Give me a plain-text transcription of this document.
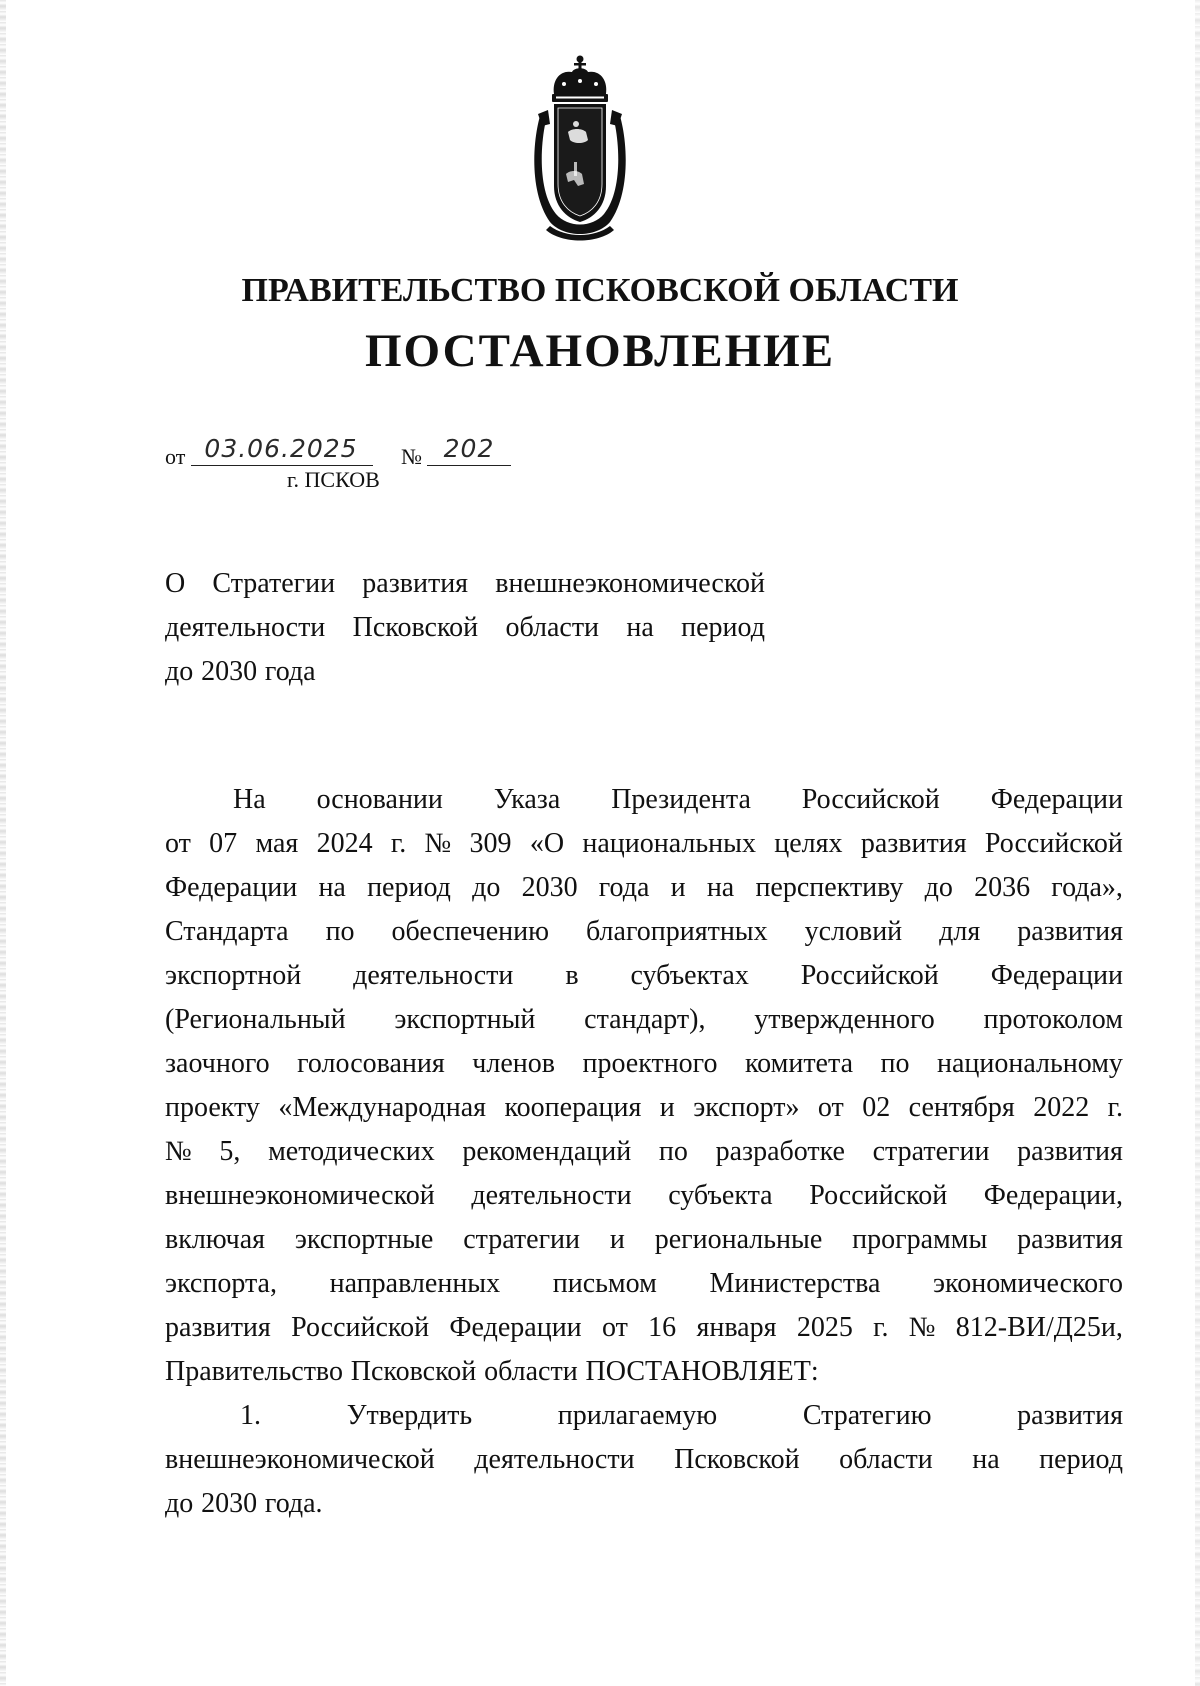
ПРАВИТЕЛЬСТВО ПСКОВСКОЙ ОБЛАСТИ
ПОСТАНОВЛЕНИЕ
от 03.06.2025	№ 202
г. ПСКОВ
О Стратегии развития внешнеэкономической
деятельности Псковской области на период
до 2030 года
На основании Указа Президента Российской Федерации
от 07 мая 2024 г. № 309 «О национальных целях развития Российской
Федерации на период до 2030 года и на перспективу до 2036 года»,
Стандарта по обеспечению благоприятных условий для развития
экспортной деятельности в субъектах Российской Федерации
(Региональный экспортный стандарт), утвержденного протоколом
заочного голосования членов проектного комитета по национальному
проекту «Международная кооперация и экспорт» от 02 сентября 2022 г.
№ 5, методических рекомендаций по разработке стратегии развития
внешнеэкономической деятельности субъекта Российской Федерации,
включая экспортные стратегии и региональные программы развития
экспорта, направленных письмом Министерства экономического
развития Российской Федерации от 16 января 2025 г. № 812-ВИ/Д25и,
Правительство Псковской области ПОСТАНОВЛЯЕТ:
1.	Утвердить	прилагаемую	Стратегию	развития
внешнеэкономической деятельности Псковской области на период
до 2030 года.
